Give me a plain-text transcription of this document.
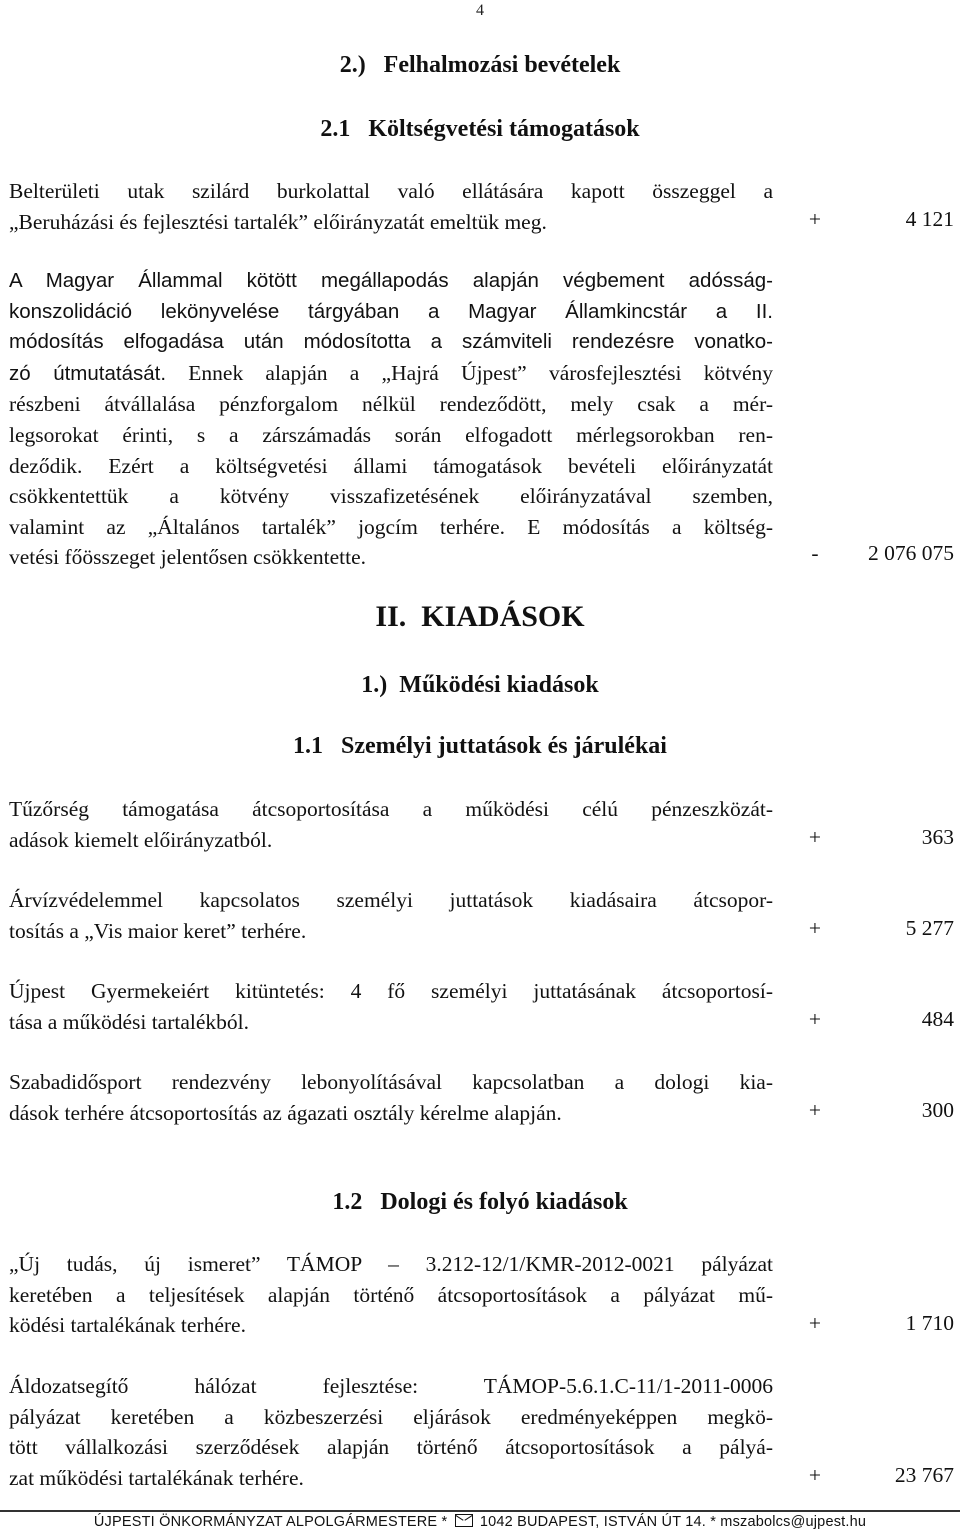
4
2.)   Felhalmozási bevételek
2.1   Költségvetési támogatások
Belterületi utak szilárd burkolattal való ellátására kapott összeggel a
„Beruházási és fejlesztési tartalék” előirányzatát emeltük meg.	+	4 121
A Magyar Állammal kötött megállapodás alapján végbement adósság-
konszolidáció lekönyvelése tárgyában a Magyar Államkincstár a II.
módosítás elfogadása után módosította a számviteli rendezésre vonatko-
zó útmutatását. Ennek alapján a „Hajrá Újpest” városfejlesztési kötvény
részbeni átvállalása pénzforgalom nélkül rendeződött, mely csak a mér-
legsorokat érinti, s a zárszámadás során elfogadott mérlegsorokban ren-
deződik. Ezért a költségvetési állami támogatások bevételi előirányzatát
csökkentettük a kötvény visszafizetésének előirányzatával szemben,
valamint az „Általános tartalék” jogcím terhére. E módosítás a költség-
vetési főösszeget jelentősen csökkentette.	-	2 076 075
II.  KIADÁSOK
1.)  Működési kiadások
1.1   Személyi juttatások és járulékai
Tűzőrség támogatása átcsoportosítása a működési célú pénzeszközát-
adások kiemelt előirányzatból.	+	363
Árvízvédelemmel kapcsolatos személyi juttatások kiadásaira átcsopor-
tosítás a „Vis maior keret” terhére.	+	5 277
Újpest Gyermekeiért kitüntetés: 4 fő személyi juttatásának átcsoportosí-
tása a működési tartalékból.	+	484
Szabadidősport rendezvény lebonyolításával kapcsolatban a dologi kia-
dások terhére átcsoportosítás az ágazati osztály kérelme alapján.	+	300
1.2   Dologi és folyó kiadások
„Új tudás, új ismeret” TÁMOP – 3.212-12/1/KMR-2012-0021 pályázat
keretében a teljesítések alapján történő átcsoportosítások a pályázat mű-
ködési tartalékának terhére.	+	1 710
Áldozatsegítő hálózat fejlesztése: TÁMOP-5.6.1.C-11/1-2011-0006
pályázat keretében a közbeszerzési eljárások eredményeképpen megkö-
tött vállalkozási szerződések alapján történő átcsoportosítások a pályá-
zat működési tartalékának terhére.	+	23 767
ÚJPESTI ÖNKORMÁNYZAT ALPOLGÁRMESTERE * 1042 BUDAPEST, ISTVÁN ÚT 14. * mszabolcs@ujpest.hu
